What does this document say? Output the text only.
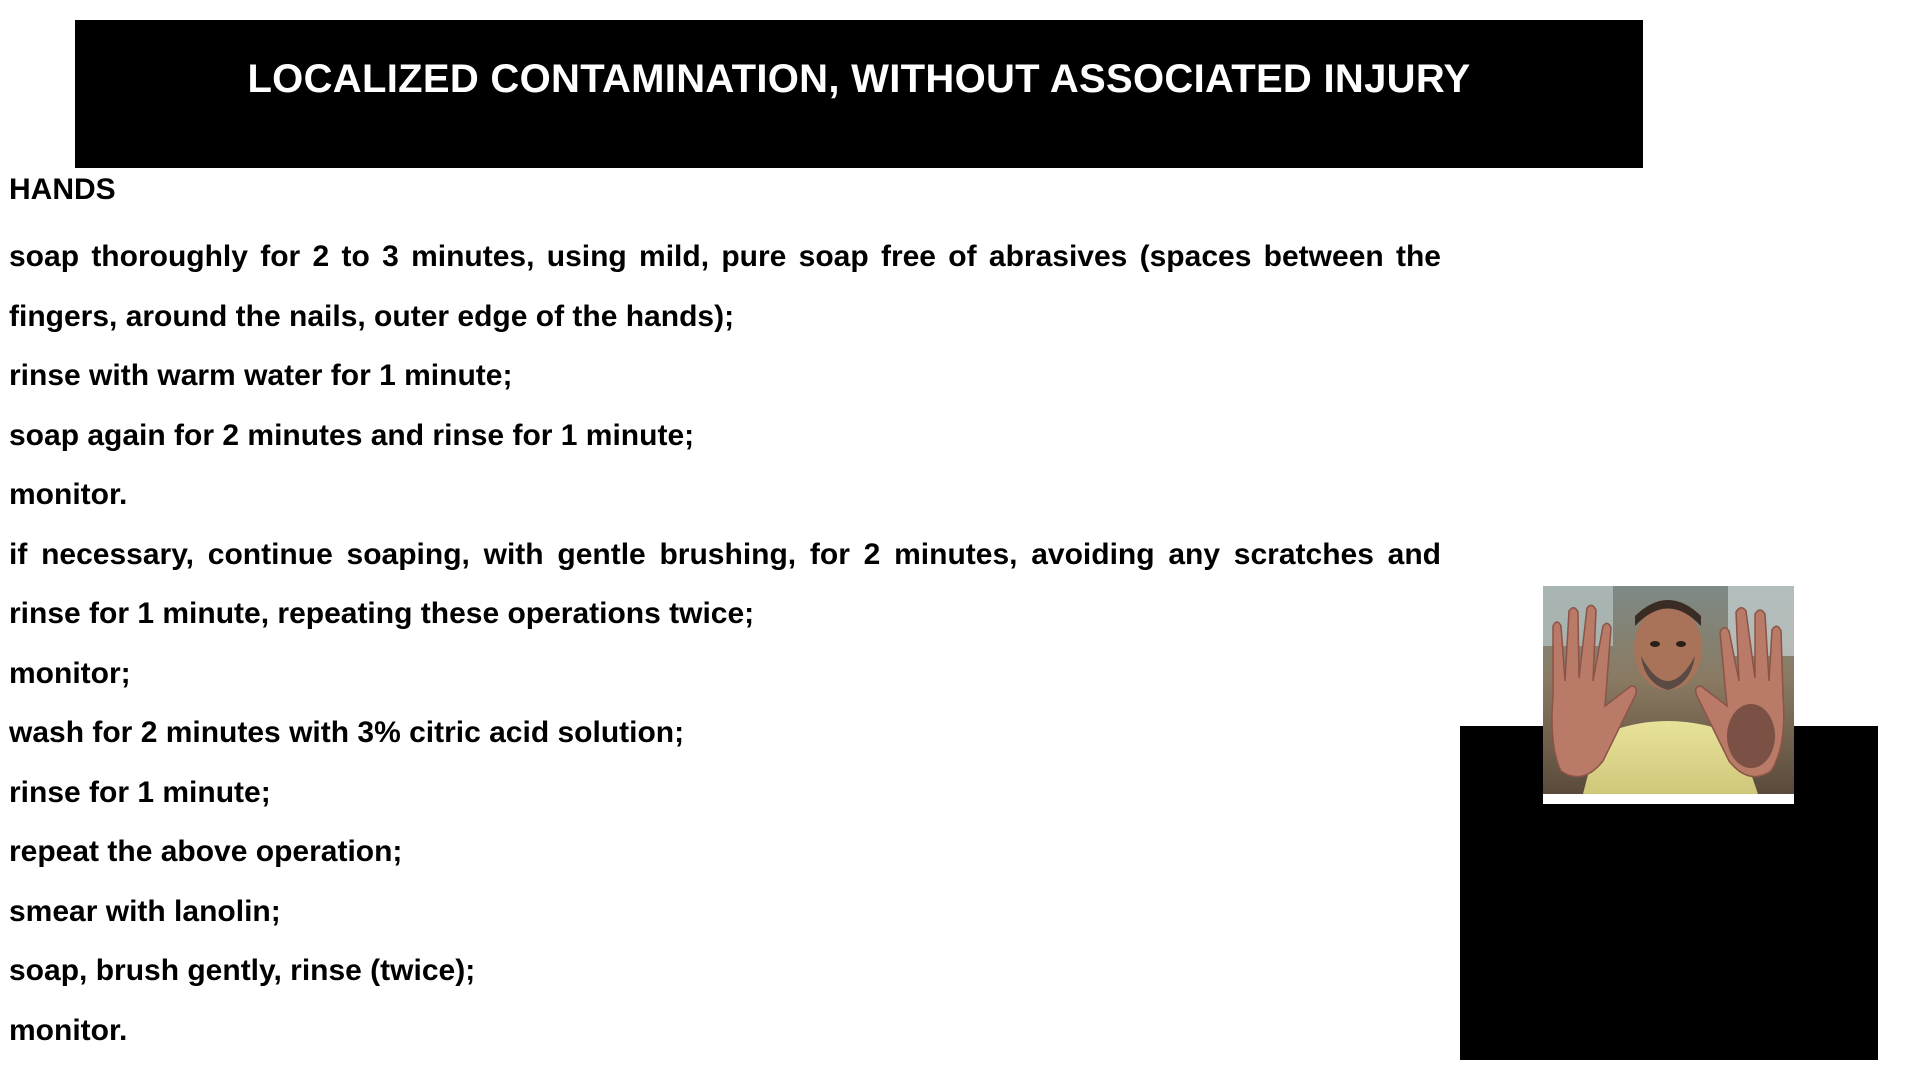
LOCALIZED CONTAMINATION, WITHOUT ASSOCIATED INJURY
HANDS

soap thoroughly for 2 to 3 minutes, using mild, pure soap free of abrasives (spaces between the fingers, around the nails, outer edge of the hands);

rinse with warm water for 1 minute;

soap again for 2 minutes and rinse for 1 minute;

monitor.

if necessary, continue soaping, with gentle brushing, for 2 minutes, avoiding any scratches and rinse for 1 minute, repeating these operations twice;

monitor;

wash for 2 minutes with 3% citric acid solution;

rinse for 1 minute;

repeat the above operation;

smear with lanolin;

soap, brush gently, rinse (twice);

monitor.
